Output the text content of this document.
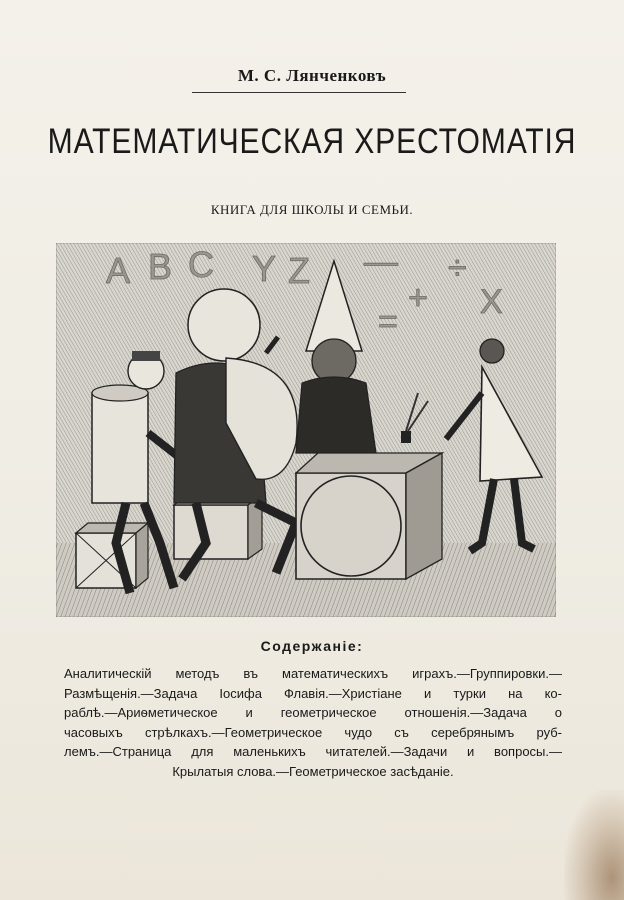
М. С. Лянченковъ
МАТЕМАТИЧЕСКАЯ ХРЕСТОМАТІЯ
КНИГА ДЛЯ ШКОЛЫ И СЕМЬИ.
A B C Y Z — ÷
=
+ X
Содержаніе:
Аналитическій методъ въ математическихъ играхъ.—Группировки.—
Размѣщенія.—Задача Іосифа Флавія.—Христіане и турки на ко-
раблѣ.—Ариѳметическое и геометрическое отношенія.—Задача о
часовыхъ стрѣлкахъ.—Геометрическое чудо съ серебрянымъ руб-
лемъ.—Страница для маленькихъ читателей.—Задачи и вопросы.—
Крылатыя слова.—Геометрическое засѣданіе.
